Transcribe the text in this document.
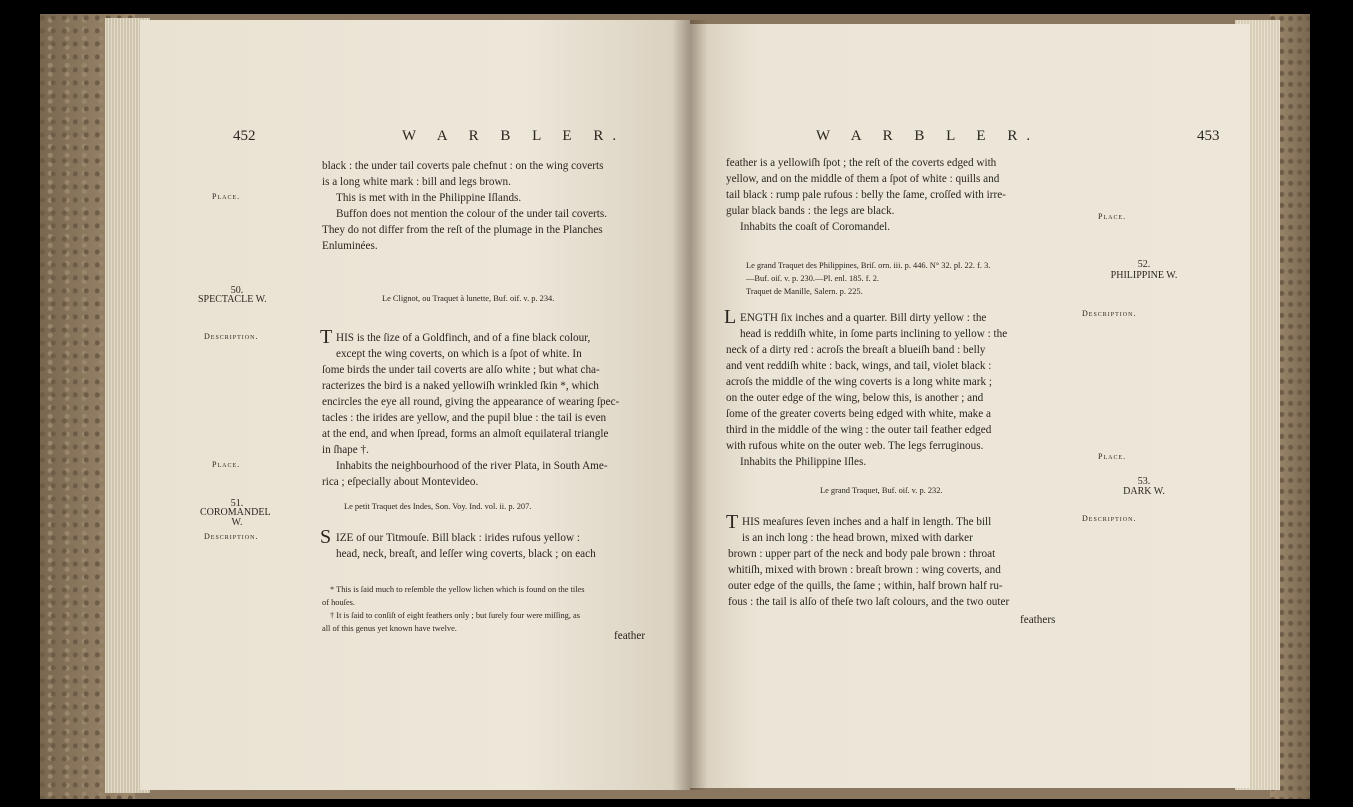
452	W A R B L E R.
black : the under tail coverts pale chefnut : on the wing coverts
is a long white mark : bill and legs brown.
This is met with in the Philippine Iſlands.
Buffon does not mention the colour of the under tail coverts.
They do not differ from the reſt of the plumage in the Planches
Enluminées.
Place.
50.
SPECTACLE W.	Le Clignot, ou Traquet à lunette, Buf. oif. v. p. 234.
Description.	T HIS is the ſize of a Goldfinch, and of a fine black colour,
except the wing coverts, on which is a ſpot of white. In
ſome birds the under tail coverts are alſo white ; but what cha-
racterizes the bird is a naked yellowiſh wrinkled ſkin *, which
encircles the eye all round, giving the appearance of wearing ſpec-
tacles : the irides are yellow, and the pupil blue : the tail is even
at the end, and when ſpread, forms an almoſt equilateral triangle
in ſhape †.
Inhabits the neighbourhood of the river Plata, in South Ame-
rica ; eſpecially about Montevideo.
Place.
51.
COROMANDEL
W.
Le petit Traquet des Indes, Son. Voy. Ind. vol. ii. p. 207.
Description.	S IZE of our Titmouſe. Bill black : irides rufous yellow :
head, neck, breaſt, and leſſer wing coverts, black ; on each
* This is ſaid much to reſemble the yellow lichen which is found on the tiles
of houſes.
† It is ſaid to conſiſt of eight feathers only ; but ſurely four were miſſing, as
all of this genus yet known have twelve.
feather
W A R B L E R.	453
feather is a yellowiſh ſpot ; the reſt of the coverts edged with
yellow, and on the middle of them a ſpot of white : quills and
tail black : rump pale rufous : belly the ſame, croſſed with irre-
gular black bands : the legs are black.
Inhabits the coaſt of Coromandel.
Place.
Le grand Traquet des Philippines, Briſ. orn. iii. p. 446. N° 32. pl. 22. f. 3.
—Buf. oiſ. v. p. 230.—Pl. enl. 185. f. 2.
Traquet de Manille, Salern. p. 225.
52.
PHILIPPINE W.
Description.
L ENGTH ſix inches and a quarter. Bill dirty yellow : the
head is reddiſh white, in ſome parts inclining to yellow : the
neck of a dirty red : acroſs the breaſt a blueiſh band : belly
and vent reddiſh white : back, wings, and tail, violet black :
acroſs the middle of the wing coverts is a long white mark ;
on the outer edge of the wing, below this, is another ; and
ſome of the greater coverts being edged with white, make a
third in the middle of the wing : the outer tail feather edged
with rufous white on the outer web. The legs ferruginous.
Inhabits the Philippine Iſles.	Place.
Le grand Traquet, Buf. oiſ. v. p. 232.
53.
DARK W.
Description.
T HIS meaſures ſeven inches and a half in length. The bill
is an inch long : the head brown, mixed with darker
brown : upper part of the neck and body pale brown : throat
whitiſh, mixed with brown : breaſt brown : wing coverts, and
outer edge of the quills, the ſame ; within, half brown half ru-
fous : the tail is alſo of theſe two laſt colours, and the two outer
feathers
